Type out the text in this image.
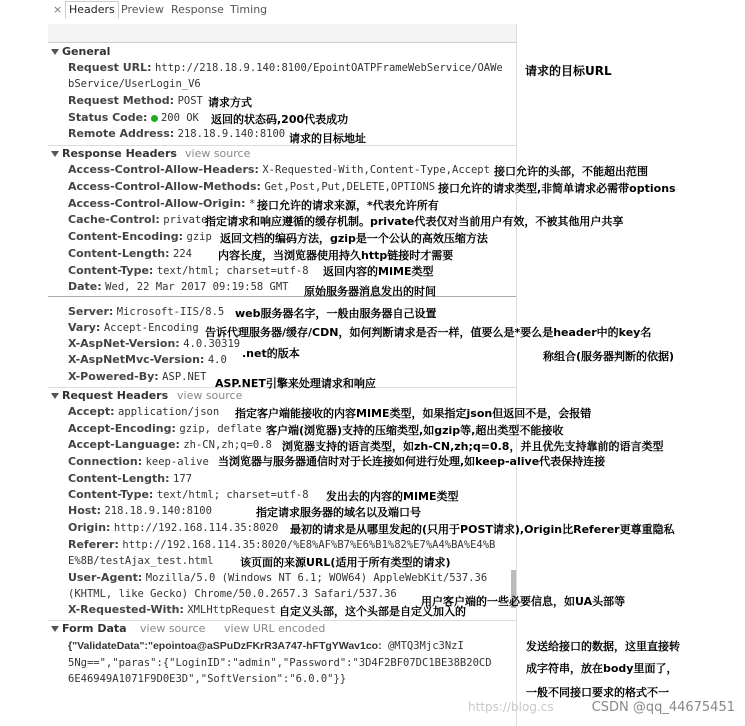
× Headers Preview Response Timing
General
Request URL: http://218.18.9.140:8100/EpointOATPFrameWebService/OAWe
bService/UserLogin_V6
Request Method: POST
Status Code: 200 OK
Remote Address: 218.18.9.140:8100
Response Headers view source
Access-Control-Allow-Headers: X-Requested-With,Content-Type,Accept
Access-Control-Allow-Methods: Get,Post,Put,DELETE,OPTIONS
Access-Control-Allow-Origin: *
Cache-Control: private
Content-Encoding: gzip
Content-Length: 224
Content-Type: text/html; charset=utf-8
Date: Wed, 22 Mar 2017 09:19:58 GMT
Server: Microsoft-IIS/8.5
Vary: Accept-Encoding
X-AspNet-Version: 4.0.30319
X-AspNetMvc-Version: 4.0
X-Powered-By: ASP.NET
Request Headers view source
Accept: application/json
Accept-Encoding: gzip, deflate
Accept-Language: zh-CN,zh;q=0.8
Connection: keep-alive
Content-Length: 177
Content-Type: text/html; charset=utf-8
Host: 218.18.9.140:8100
Origin: http://192.168.114.35:8020
Referer: http://192.168.114.35:8020/%E8%AF%B7%E6%B1%82%E7%A4%BA%E4%B
E%8B/testAjax_test.html
User-Agent: Mozilla/5.0 (Windows NT 6.1; WOW64) AppleWebKit/537.36
(KHTML, like Gecko) Chrome/50.0.2657.3 Safari/537.36
X-Requested-With: XMLHttpRequest
Form Data view source view URL encoded
{"ValidateData":"epointoa@aSPuDzFKrR3A747-hFTgYWav1co: @MTQ3Mjc3NzI
5Ng==","paras":{"LoginID":"admin","Password":"3D4F2BF07DC1BE38B20CD
6E46949A1071F9D0E3D","SoftVersion":"6.0.0"}}
请求的目标URL
请求方式
返回的状态码,200代表成功
请求的目标地址
接口允许的头部，不能超出范围
接口允许的请求类型,非简单请求必需带options
接口允许的请求来源，*代表允许所有
指定请求和响应遵循的缓存机制。private代表仅对当前用户有效，不被其他用户共享
返回文档的编码方法，gzip是一个公认的高效压缩方法
内容长度，当浏览器使用持久http链接时才需要
返回内容的MIME类型
原始服务器消息发出的时间
web服务器名字，一般由服务器自己设置
告诉代理服务器/缓存/CDN，如何判断请求是否一样，值要么是*要么是header中的key名
称组合(服务器判断的依据)
.net的版本
ASP.NET引擎来处理请求和响应
指定客户端能接收的内容MIME类型，如果指定json但返回不是，会报错
客户端(浏览器)支持的压缩类型,如gzip等,超出类型不能接收
浏览器支持的语言类型，如zh-CN,zh;q=0.8，并且优先支持靠前的语言类型
当浏览器与服务器通信时对于长连接如何进行处理,如keep-alive代表保持连接
发出去的内容的MIME类型
指定请求服务器的域名以及端口号
最初的请求是从哪里发起的(只用于POST请求),Origin比Referer更尊重隐私
该页面的来源URL(适用于所有类型的请求)
用户客户端的一些必要信息，如UA头部等
自定义头部，这个头部是自定义加入的
发送给接口的数据，这里直接转
成字符串，放在body里面了，
一般不同接口要求的格式不一
https://blog.cs	CSDN @qq_44675451
